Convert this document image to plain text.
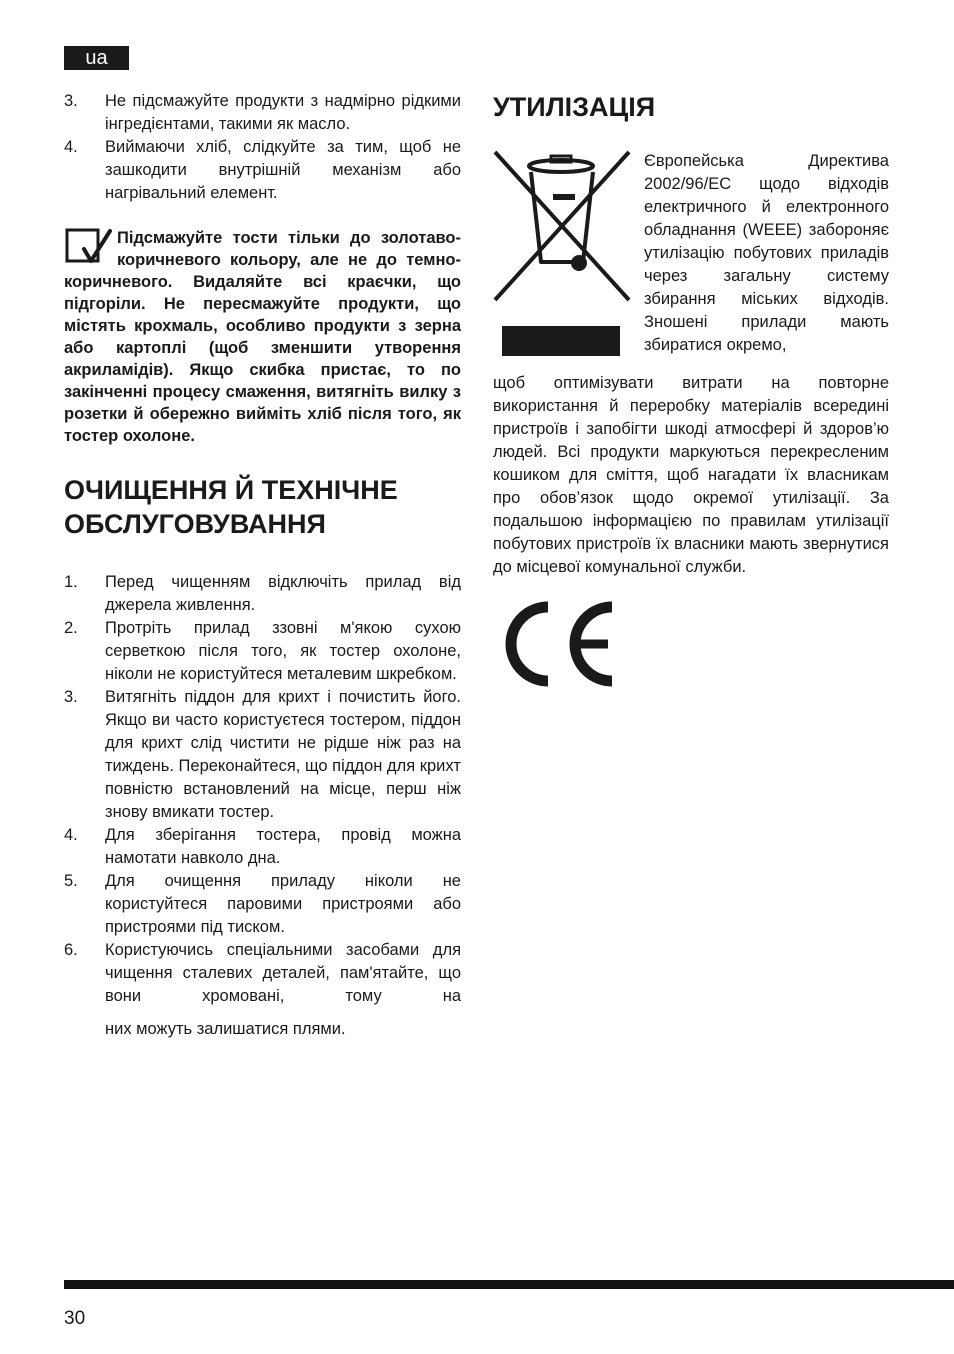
ua
3. Не підсмажуйте продукти з надмірно рідкими інгредієнтами, такими як масло.
4. Виймаючи хліб, слідкуйте за тим, щоб не зашкодити внутрішній механізм або нагрівальний елемент.
Підсмажуйте тости тільки до золотаво-коричневого кольору, але не до темно-коричневого. Видаляйте всі краєчки, що підгоріли. Не пересмажуйте продукти, що містять крохмаль, особливо продукти з зерна або картоплі (щоб зменшити утворення акриламідів). Якщо скибка пристає, то по закінченні процесу смаження, витягніть вилку з розетки й обережно вийміть хліб після того, як тостер охолоне.
ОЧИЩЕННЯ Й ТЕХНІЧНЕ
ОБСЛУГОВУВАННЯ
1. Перед чищенням відключіть прилад від джерела живлення.
2. Протріть прилад ззовні м'якою сухою серветкою після того, як тостер охолоне, ніколи не користуйтеся металевим шкребком.
3. Витягніть піддон для крихт і почистить його. Якщо ви часто користуєтеся тостером, піддон для крихт слід чистити не рідше ніж раз на тиждень. Переконайтеся, що піддон для крихт повністю встановлений на місце, перш ніж знову вмикати тостер.
4. Для зберігання тостера, провід можна намотати навколо дна.
5. Для очищення приладу ніколи не користуйтеся паровими пристроями або пристроями під тиском.
6. Користуючись спеціальними засобами для чищення сталевих деталей, пам'ятайте, що вони хромовані, тому на
них можуть залишатися плями.
УТИЛІЗАЦІЯ
Європейська Директива 2002/96/EC щодо відходів електричного й електронного обладнання (WEEE) забороняє утилізацію побутових приладів через загальну систему збирання міських відходів. Зношені прилади мають збиратися окремо,
щоб оптимізувати витрати на повторне використання й переробку матеріалів всередині пристроїв і запобігти шкоді атмосфері й здоров’ю людей. Всі продукти маркуються перекресленим кошиком для сміття, щоб нагадати їх власникам про обов’язок щодо окремої утилізації. За подальшою інформацією по правилам утилізації побутових пристроїв їх власники мають звернутися до місцевої комунальної служби.
30
